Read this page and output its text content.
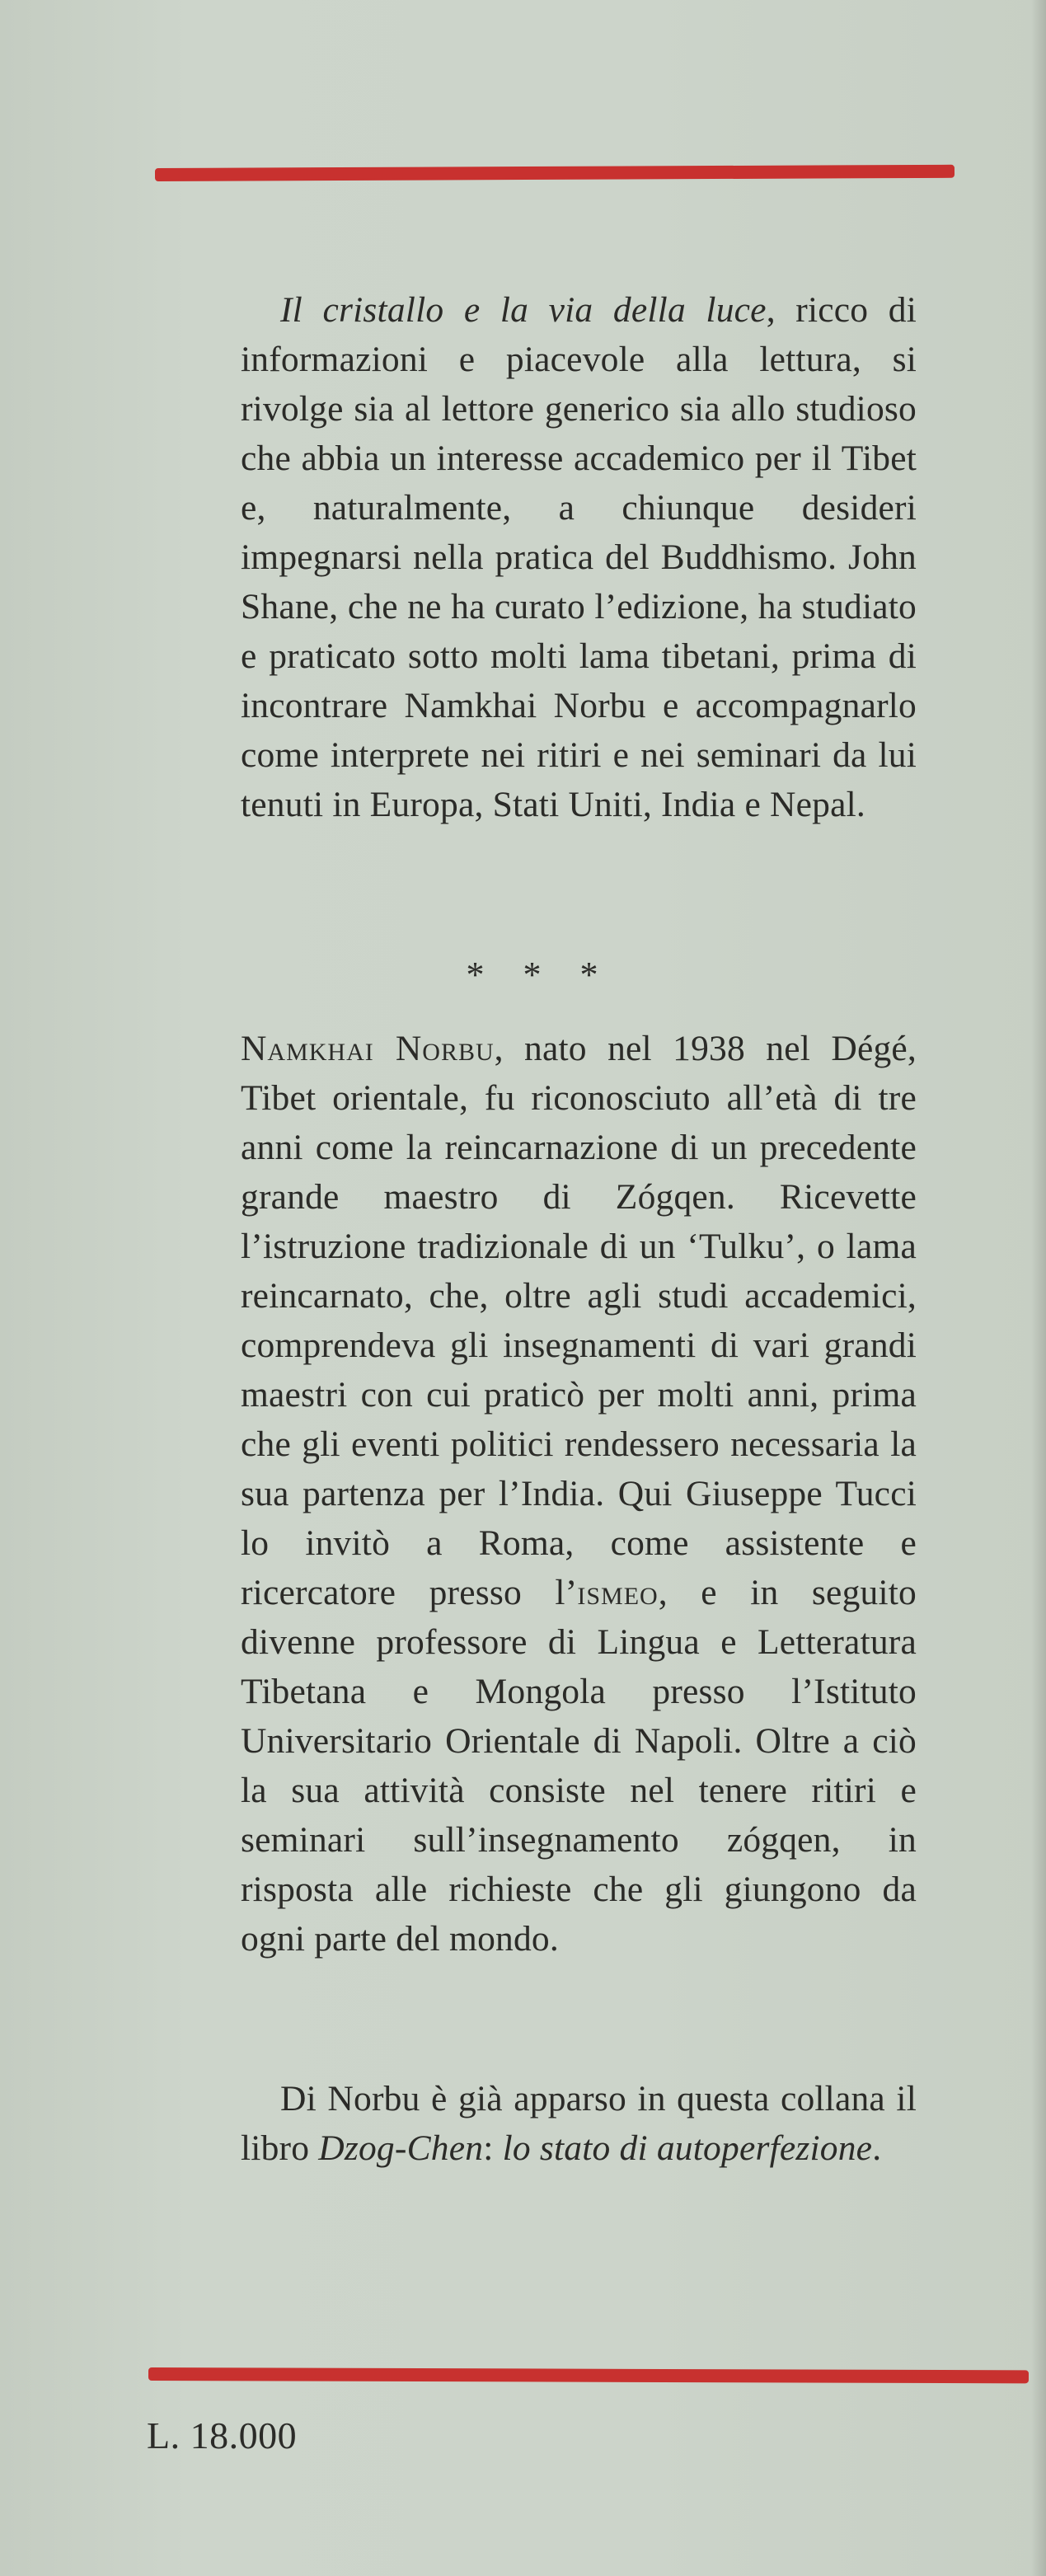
Il cristallo e la via della luce, ricco di informazioni e piacevole alla lettura, si rivolge sia al lettore generico sia allo studioso che abbia un interesse accademico per il Tibet e, naturalmente, a chiunque desideri impegnarsi nella pratica del Buddhismo. John Shane, che ne ha curato l’edizione, ha studiato e praticato sotto molti lama tibetani, prima di incontrare Namkhai Norbu e accompagnarlo come interprete nei ritiri e nei seminari da lui tenuti in Europa, Stati Uniti, India e Nepal.

* * *

Namkhai Norbu, nato nel 1938 nel Dégé, Tibet orientale, fu riconosciuto all’età di tre anni come la reincarnazione di un precedente grande maestro di Zógqen. Ricevette l’istruzione tradizionale di un ‘Tulku’, o lama reincarnato, che, oltre agli studi accademici, comprendeva gli insegnamenti di vari grandi maestri con cui praticò per molti anni, prima che gli eventi politici rendessero necessaria la sua partenza per l’India. Qui Giuseppe Tucci lo invitò a Roma, come assistente e ricercatore presso l’ismeo, e in seguito divenne professore di Lingua e Letteratura Tibetana e Mongola presso l’Istituto Universitario Orientale di Napoli. Oltre a ciò la sua attività consiste nel tenere ritiri e seminari sull’insegnamento zógqen, in risposta alle richieste che gli giungono da ogni parte del mondo.

Di Norbu è già apparso in questa collana il libro Dzog-Chen: lo stato di autoperfezione.

L. 18.000
